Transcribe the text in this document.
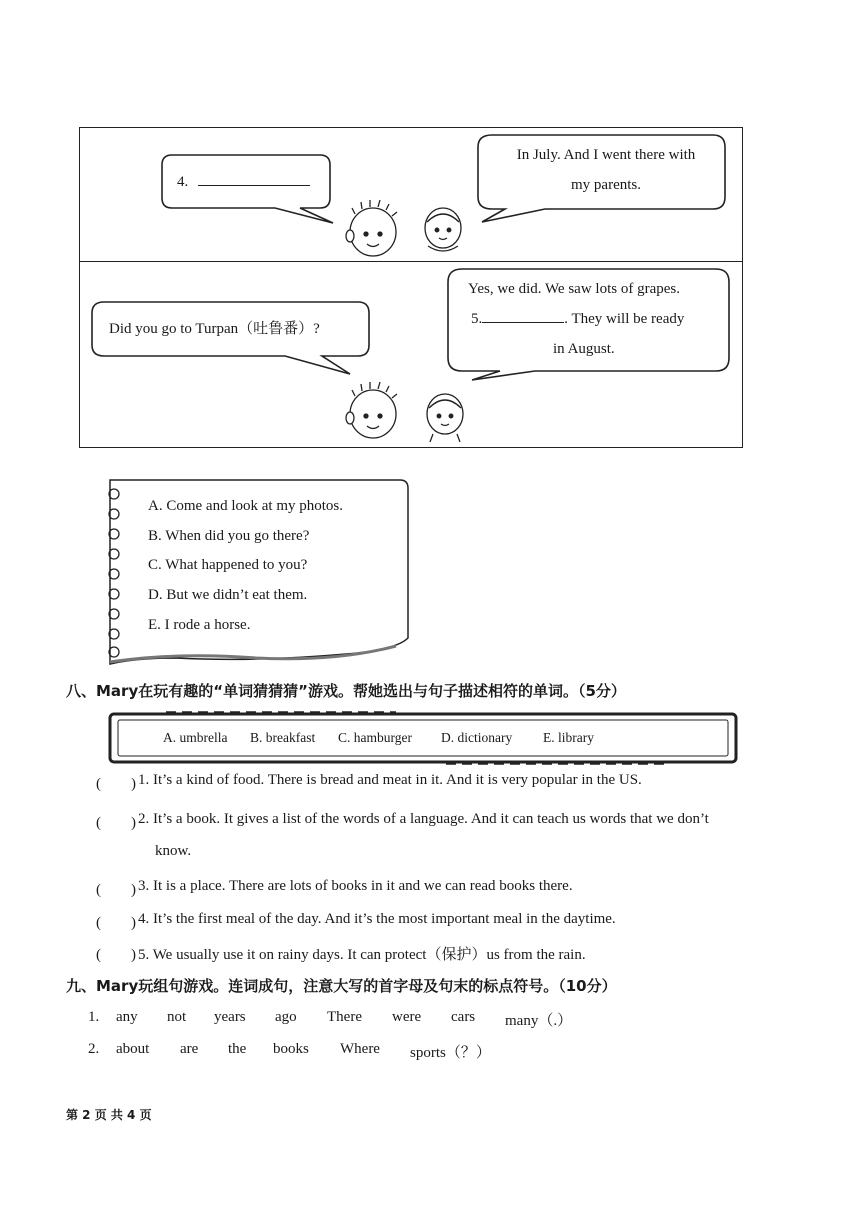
4.
In July. And I went there with
my parents.
Did you go to Turpan（吐鲁番）?
Yes, we did. We saw lots of grapes.
5.	. They will be ready
in August.
A. Come and look at my photos.
B. When did you go there?
C. What happened to you?
D. But we didn’t eat them.
E. I rode a horse.
八、Mary在玩有趣的“单词猜猜猜”游戏。帮她选出与句子描述相符的单词。（5分）
A. umbrella B. breakfast C. hamburger D. dictionary E. library
(　　) 1. It’s a kind of food. There is bread and meat in it. And it is very popular in the US.
(　　) 2. It’s a book. It gives a list of the words of a language. And it can teach us words that we don’t
know.
(　　) 3. It is a place. There are lots of books in it and we can read books there.
(　　) 4. It’s the first meal of the day. And it’s the most important meal in the daytime.
(　　) 5. We usually use it on rainy days. It can protect（保护）us from the rain.
九、Mary玩组句游戏。连词成句，注意大写的首字母及句末的标点符号。（10分）
1. any not years ago There were cars many（.）
2. about are the books Where sports（？）
第 2 页 共 4 页
